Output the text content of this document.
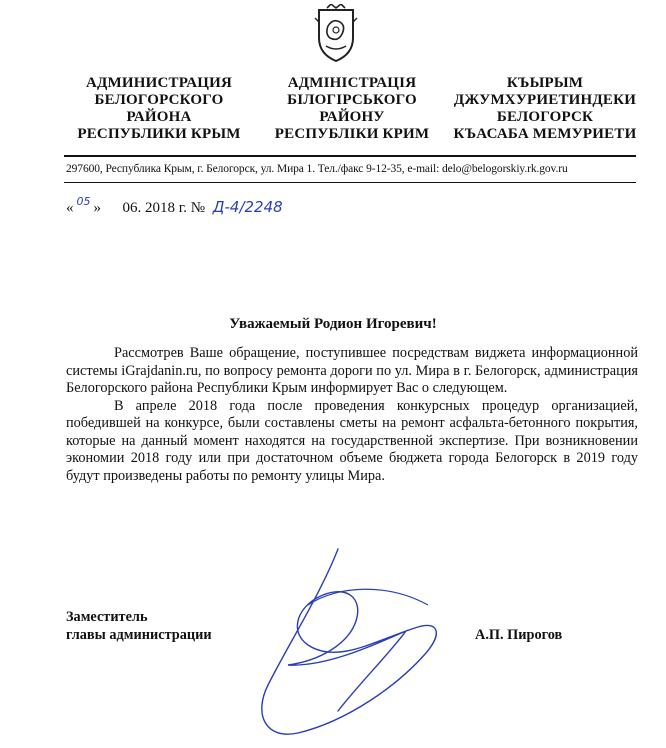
АДМИНИСТРАЦИЯ
БЕЛОГОРСКОГО
РАЙОНА
РЕСПУБЛИКИ КРЫМ
АДМІНІСТРАЦІЯ
БІЛОГІРСЬКОГО
РАЙОНУ
РЕСПУБЛІКИ КРИМ
КЪЫРЫМ
ДЖУМХУРИЕТИНДЕКИ
БЕЛОГОРСК
КЪАСАБА МЕМУРИЕТИ
297600, Республика Крым, г. Белогорск, ул. Мира 1. Тел./факс 9-12-35, e-mail: delo@belogorskiy.rk.gov.ru
« $^{05}$ » 06. 2018 г. № Д-4/2248
Уважаемый Родион Игоревич!

Рассмотрев Ваше обращение, поступившее посредствам виджета информационной системы iGrajdanin.ru, по вопросу ремонта дороги по ул. Мира в г. Белогорск, администрация Белогорского района Республики Крым информирует Вас о следующем.

В апреле 2018 года после проведения конкурсных процедур организацией, победившей на конкурсе, были составлены сметы на ремонт асфальта-бетонного покрытия, которые на данный момент находятся на государственной экспертизе. При возникновении экономии 2018 году или при достаточном объеме бюджета города Белогорск в 2019 году будут произведены работы по ремонту улицы Мира.

Заместитель
главы администрации	А.П. Пирогов
